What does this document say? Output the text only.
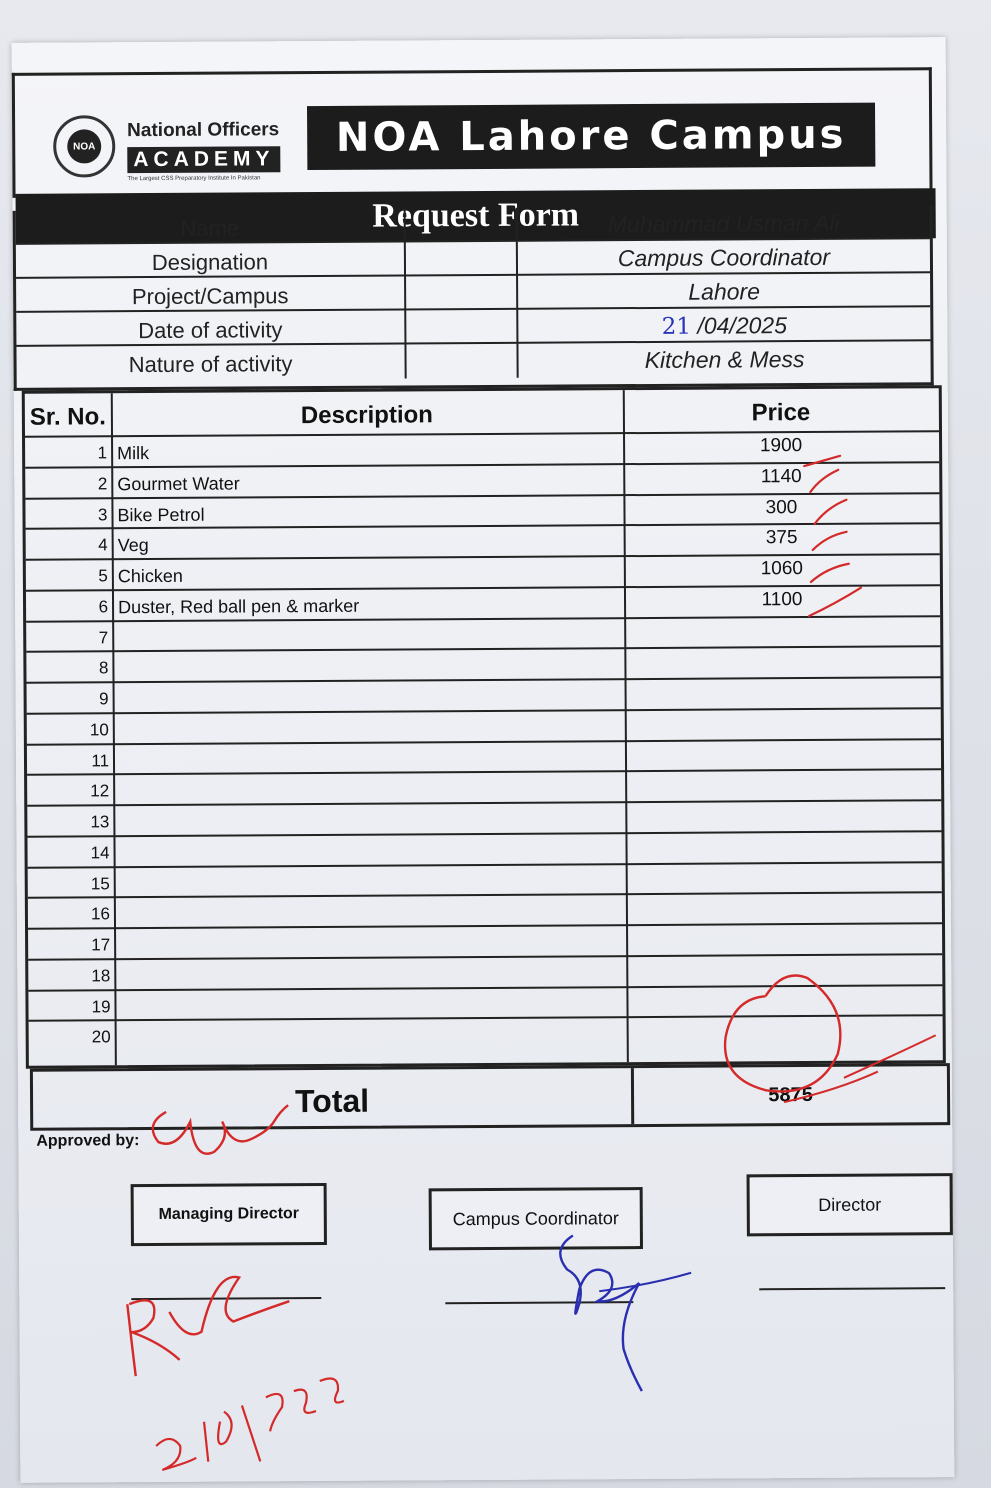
NOA
National Officers
ACADEMY
The Largest CSS Preparatory Institute In Pakistan
NOA Lahore Campus
Request Form
Name	Muhammad Usman Ali
Designation	Campus Coordinator
Project/Campus	Lahore
Date of activity	21 /04/2025
Nature of activity	Kitchen & Mess
Sr. No.	Description	Price
1 Milk	1900
2 Gourmet Water	1140
3 Bike Petrol	300
4 Veg	375
5 Chicken	1060
6 Duster, Red ball pen & marker	1100
7
8
9
10
11
12
13
14
15
16
17
18
19
20
Total	5875
Approved by:
Managing Director	Campus Coordinator
Director
